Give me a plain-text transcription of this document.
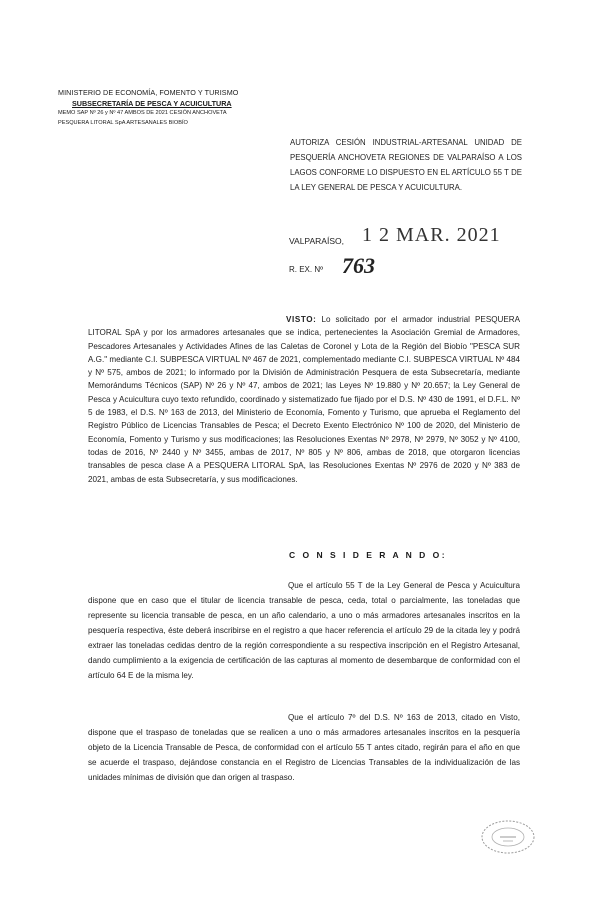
MINISTERIO DE ECONOMÍA, FOMENTO Y TURISMO
SUBSECRETARÍA DE PESCA Y ACUICULTURA
MEMO SAP Nº 26 y Nº 47 AMBOS DE 2021 CESIÓN ANCHOVETA
PESQUERA LITORAL SpA ARTESANALES BIOBÍO
AUTORIZA CESIÓN INDUSTRIAL-ARTESANAL UNIDAD DE PESQUERÍA ANCHOVETA REGIONES DE VALPARAÍSO A LOS LAGOS CONFORME LO DISPUESTO EN EL ARTÍCULO 55 T DE LA LEY GENERAL DE PESCA Y ACUICULTURA.
VALPARAÍSO, 1 2 MAR. 2021
R. EX. Nº 763

VISTO: Lo solicitado por el armador industrial PESQUERA LITORAL SpA y por los armadores artesanales que se indica, pertenecientes la Asociación Gremial de Armadores, Pescadores Artesanales y Actividades Afines de las Caletas de Coronel y Lota de la Región del Biobío "PESCA SUR A.G." mediante C.I. SUBPESCA VIRTUAL Nº 467 de 2021, complementado mediante C.I. SUBPESCA VIRTUAL Nº 484 y Nº 575, ambos de 2021; lo informado por la División de Administración Pesquera de esta Subsecretaría, mediante Memorándums Técnicos (SAP) Nº 26 y Nº 47, ambos de 2021; las Leyes Nº 19.880 y Nº 20.657; la Ley General de Pesca y Acuicultura cuyo texto refundido, coordinado y sistematizado fue fijado por el D.S. Nº 430 de 1991, el D.F.L. Nº 5 de 1983, el D.S. Nº 163 de 2013, del Ministerio de Economía, Fomento y Turismo, que aprueba el Reglamento del Registro Público de Licencias Transables de Pesca; el Decreto Exento Electrónico Nº 100 de 2020, del Ministerio de Economía, Fomento y Turismo y sus modificaciones; las Resoluciones Exentas Nº 2978, Nº 2979, Nº 3052 y Nº 4100, todas de 2016, Nº 2440 y Nº 3455, ambas de 2017, Nº 805 y Nº 806, ambas de 2018, que otorgaron licencias transables de pesca clase A a PESQUERA LITORAL SpA, las Resoluciones Exentas Nº 2976 de 2020 y Nº 383 de 2021, ambas de esta Subsecretaría, y sus modificaciones.

C O N S I D E R A N D O:
Que el artículo 55 T de la Ley General de Pesca y Acuicultura dispone que en caso que el titular de licencia transable de pesca, ceda, total o parcialmente, las toneladas que represente su licencia transable de pesca, en un año calendario, a uno o más armadores artesanales inscritos en la pesquería respectiva, éste deberá inscribirse en el registro a que hacer referencia el artículo 29 de la citada ley y podrá extraer las toneladas cedidas dentro de la región correspondiente a su respectiva inscripción en el Registro Artesanal, dando cumplimiento a la exigencia de certificación de las capturas al momento de desembarque de conformidad con el artículo 64 E de la misma ley.
Que el artículo 7º del D.S. Nº 163 de 2013, citado en Visto, dispone que el traspaso de toneladas que se realicen a uno o más armadores artesanales inscritos en la pesquería objeto de la Licencia Transable de Pesca, de conformidad con el artículo 55 T antes citado, regirán para el año en que se acuerde el traspaso, dejándose constancia en el Registro de Licencias Transables de la individualización de las unidades mínimas de división que dan origen al traspaso.
